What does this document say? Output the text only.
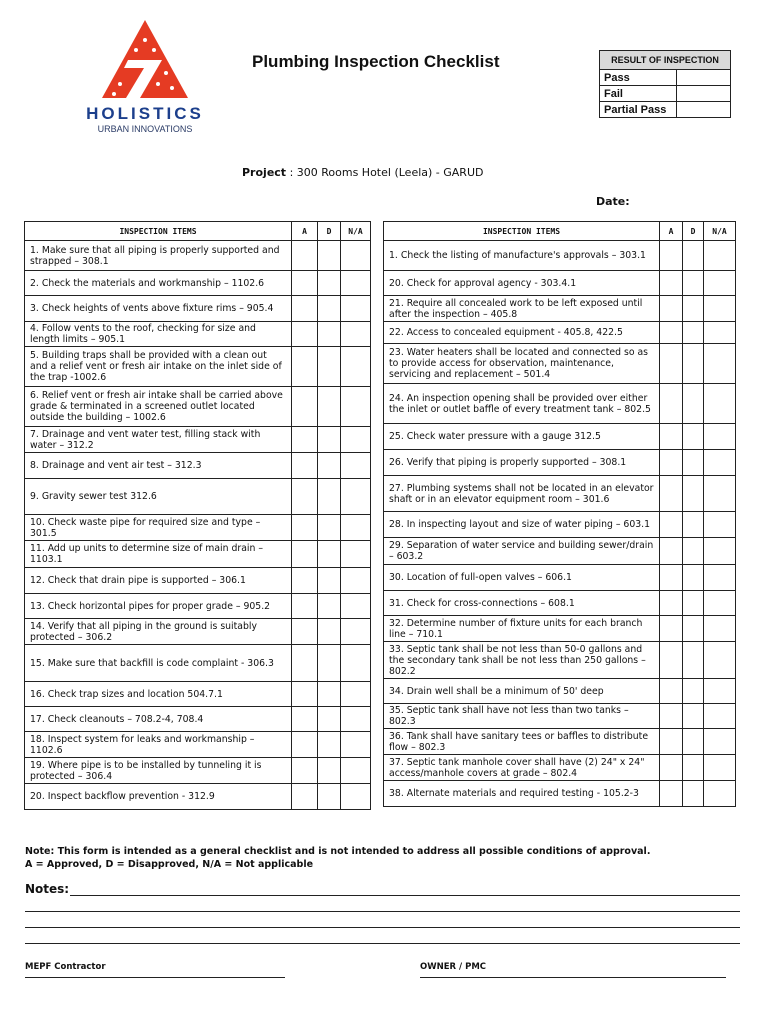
HOLISTICS
URBAN INNOVATIONS
Plumbing Inspection Checklist	RESULT OF INSPECTION	
Pass	
Fail	
Partial Pass	
Project : 300 Rooms Hotel (Leela) - GARUD
Date:
INSPECTION ITEMS	A	D	N/A
1. Make sure that all piping is properly supported and strapped – 308.1			
2. Check the materials and workmanship – 1102.6			
3. Check heights of vents above fixture rims – 905.4			
4. Follow vents to the roof, checking for size and length limits – 905.1			
5. Building traps shall be provided with a clean out and a relief vent or fresh air intake on the inlet side of the trap -1002.6			
6. Relief vent or fresh air intake shall be carried above grade & terminated in a screened outlet located outside the building – 1002.6			
7. Drainage and vent water test, filling stack with water – 312.2			
8. Drainage and vent air test – 312.3			
9. Gravity sewer test 312.6			
10. Check waste pipe for required size and type – 301.5			
11. Add up units to determine size of main drain – 1103.1			
12. Check that drain pipe is supported – 306.1			
13. Check horizontal pipes for proper grade – 905.2			
14. Verify that all piping in the ground is suitably protected – 306.2			
15. Make sure that backfill is code complaint - 306.3			
16. Check trap sizes and location 504.7.1			
17. Check cleanouts – 708.2-4, 708.4			
18. Inspect system for leaks and workmanship – 1102.6			
19. Where pipe is to be installed by tunneling it is protected – 306.4			
20. Inspect backflow prevention - 312.9			
INSPECTION ITEMS	A	D	N/A
1. Check the listing of manufacture's approvals – 303.1			
20. Check for approval agency - 303.4.1			
21. Require all concealed work to be left exposed until after the inspection – 405.8			
22. Access to concealed equipment - 405.8, 422.5			
23. Water heaters shall be located and connected so as to provide access for observation, maintenance, servicing and replacement – 501.4			
24. An inspection opening shall be provided over either the inlet or outlet baffle of every treatment tank – 802.5			
25. Check water pressure with a gauge 312.5			
26. Verify that piping is properly supported – 308.1			
27. Plumbing systems shall not be located in an elevator shaft or in an elevator equipment room – 301.6			
28. In inspecting layout and size of water piping – 603.1			
29. Separation of water service and building sewer/drain – 603.2			
30. Location of full-open valves – 606.1			
31. Check for cross-connections – 608.1			
32. Determine number of fixture units for each branch line – 710.1			
33. Septic tank shall be not less than 50-0 gallons and the secondary tank shall be not less than 250 gallons – 802.2			
34. Drain well shall be a minimum of 50' deep			
35. Septic tank shall have not less than two tanks – 802.3			
36. Tank shall have sanitary tees or baffles to distribute flow – 802.3			
37. Septic tank manhole cover shall have (2) 24" x 24" access/manhole covers at grade – 802.4			
38. Alternate materials and required testing - 105.2-3			
Note: This form is intended as a general checklist and is not intended to address all possible conditions of approval.
A = Approved, D = Disapproved, N/A = Not applicable
Notes:
MEPF Contractor	OWNER / PMC
